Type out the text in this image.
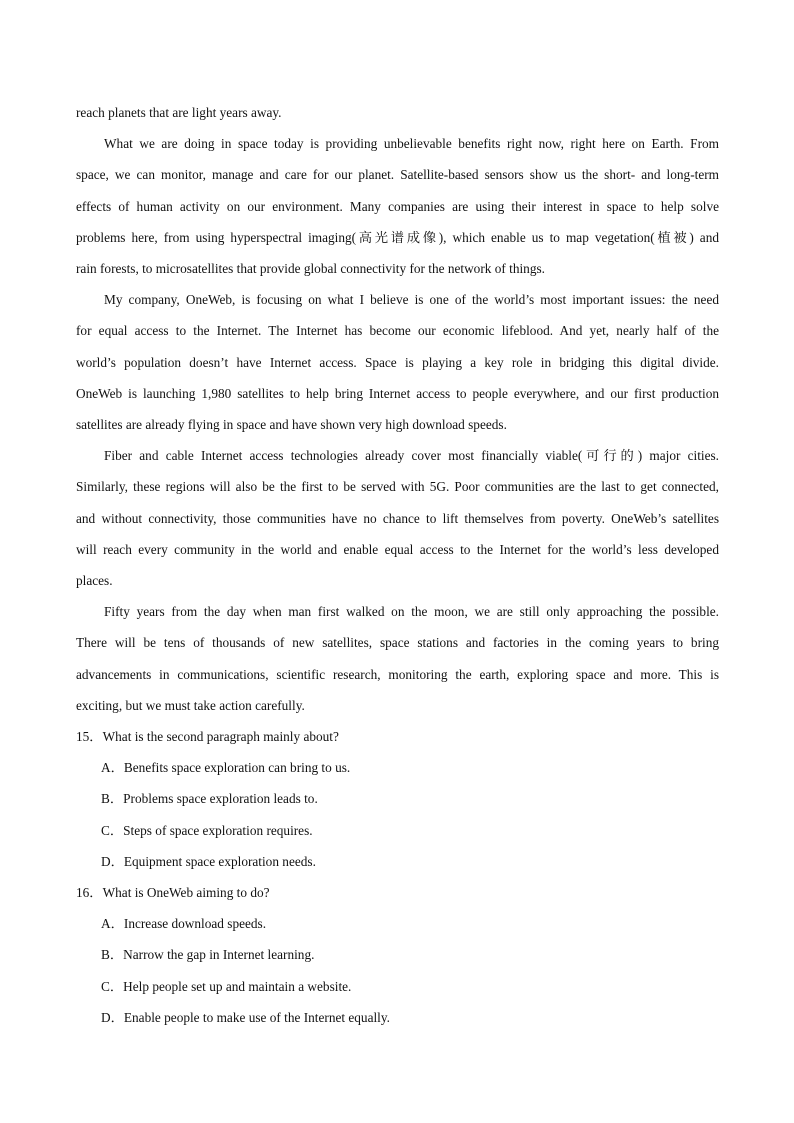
reach planets that are light years away.

What we are doing in space today is providing unbelievable benefits right now, right here on Earth. From

space, we can monitor, manage and care for our planet. Satellite-based sensors show us the short- and long-term

effects of human activity on our environment. Many companies are using their interest in space to help solve

problems here, from using hyperspectral imaging(高光谱成像), which enable us to map vegetation(植被) and

rain forests, to microsatellites that provide global connectivity for the network of things.

My company, OneWeb, is focusing on what I believe is one of the world’s most important issues: the need

for equal access to the Internet. The Internet has become our economic lifeblood. And yet, nearly half of the

world’s population doesn’t have Internet access. Space is playing a key role in bridging this digital divide.

OneWeb is launching 1,980 satellites to help bring Internet access to people everywhere, and our first production

satellites are already flying in space and have shown very high download speeds.

Fiber and cable Internet access technologies already cover most financially viable(可行的) major cities.

Similarly, these regions will also be the first to be served with 5G. Poor communities are the last to get connected,

and without connectivity, those communities have no chance to lift themselves from poverty. OneWeb’s satellites

will reach every community in the world and enable equal access to the Internet for the world’s less developed

places.

Fifty years from the day when man first walked on the moon, we are still only approaching the possible.

There will be tens of thousands of new satellites, space stations and factories in the coming years to bring

advancements in communications, scientific research, monitoring the earth, exploring space and more. This is

exciting, but we must take action carefully.

15．What is the second paragraph mainly about?

A．Benefits space exploration can bring to us.

B．Problems space exploration leads to.

C．Steps of space exploration requires.

D．Equipment space exploration needs.

16．What is OneWeb aiming to do?

A．Increase download speeds.

B．Narrow the gap in Internet learning.

C．Help people set up and maintain a website.

D．Enable people to make use of the Internet equally.
